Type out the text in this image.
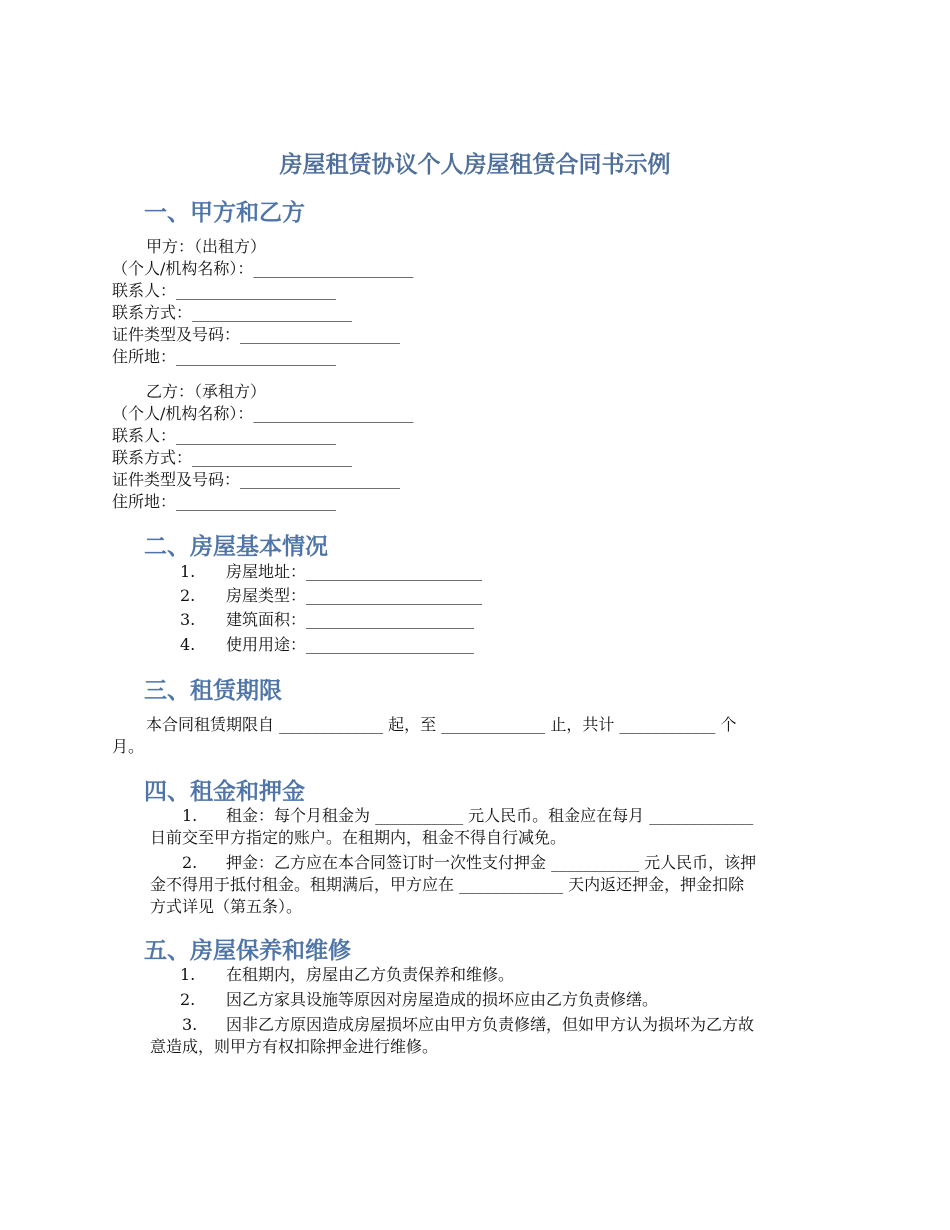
房屋租赁协议个人房屋租赁合同书示例
一、甲方和乙方
甲方：（出租方）
（个人/机构名称）：____________________
联系人：____________________
联系方式：____________________
证件类型及号码：____________________
住所地：____________________
乙方：（承租方）
（个人/机构名称）：____________________
联系人：____________________
联系方式：____________________
证件类型及号码：____________________
住所地：____________________
二、房屋基本情况
1. 房屋地址：______________________
2. 房屋类型：______________________
3. 建筑面积：_____________________
4. 使用用途：_____________________
三、租赁期限
本合同租赁期限自 _____________ 起，至 _____________ 止，共计 ____________ 个
月。
四、租金和押金
1. 租金：每个月租金为 ___________ 元人民币。租金应在每月 _____________
日前交至甲方指定的账户。在租期内，租金不得自行减免。
2. 押金：乙方应在本合同签订时一次性支付押金 ___________ 元人民币，该押
金不得用于抵付租金。租期满后，甲方应在 _____________ 天内返还押金，押金扣除
方式详见（第五条）。
五、房屋保养和维修
1. 在租期内，房屋由乙方负责保养和维修。
2. 因乙方家具设施等原因对房屋造成的损坏应由乙方负责修缮。
3. 因非乙方原因造成房屋损坏应由甲方负责修缮，但如甲方认为损坏为乙方故
意造成，则甲方有权扣除押金进行维修。
